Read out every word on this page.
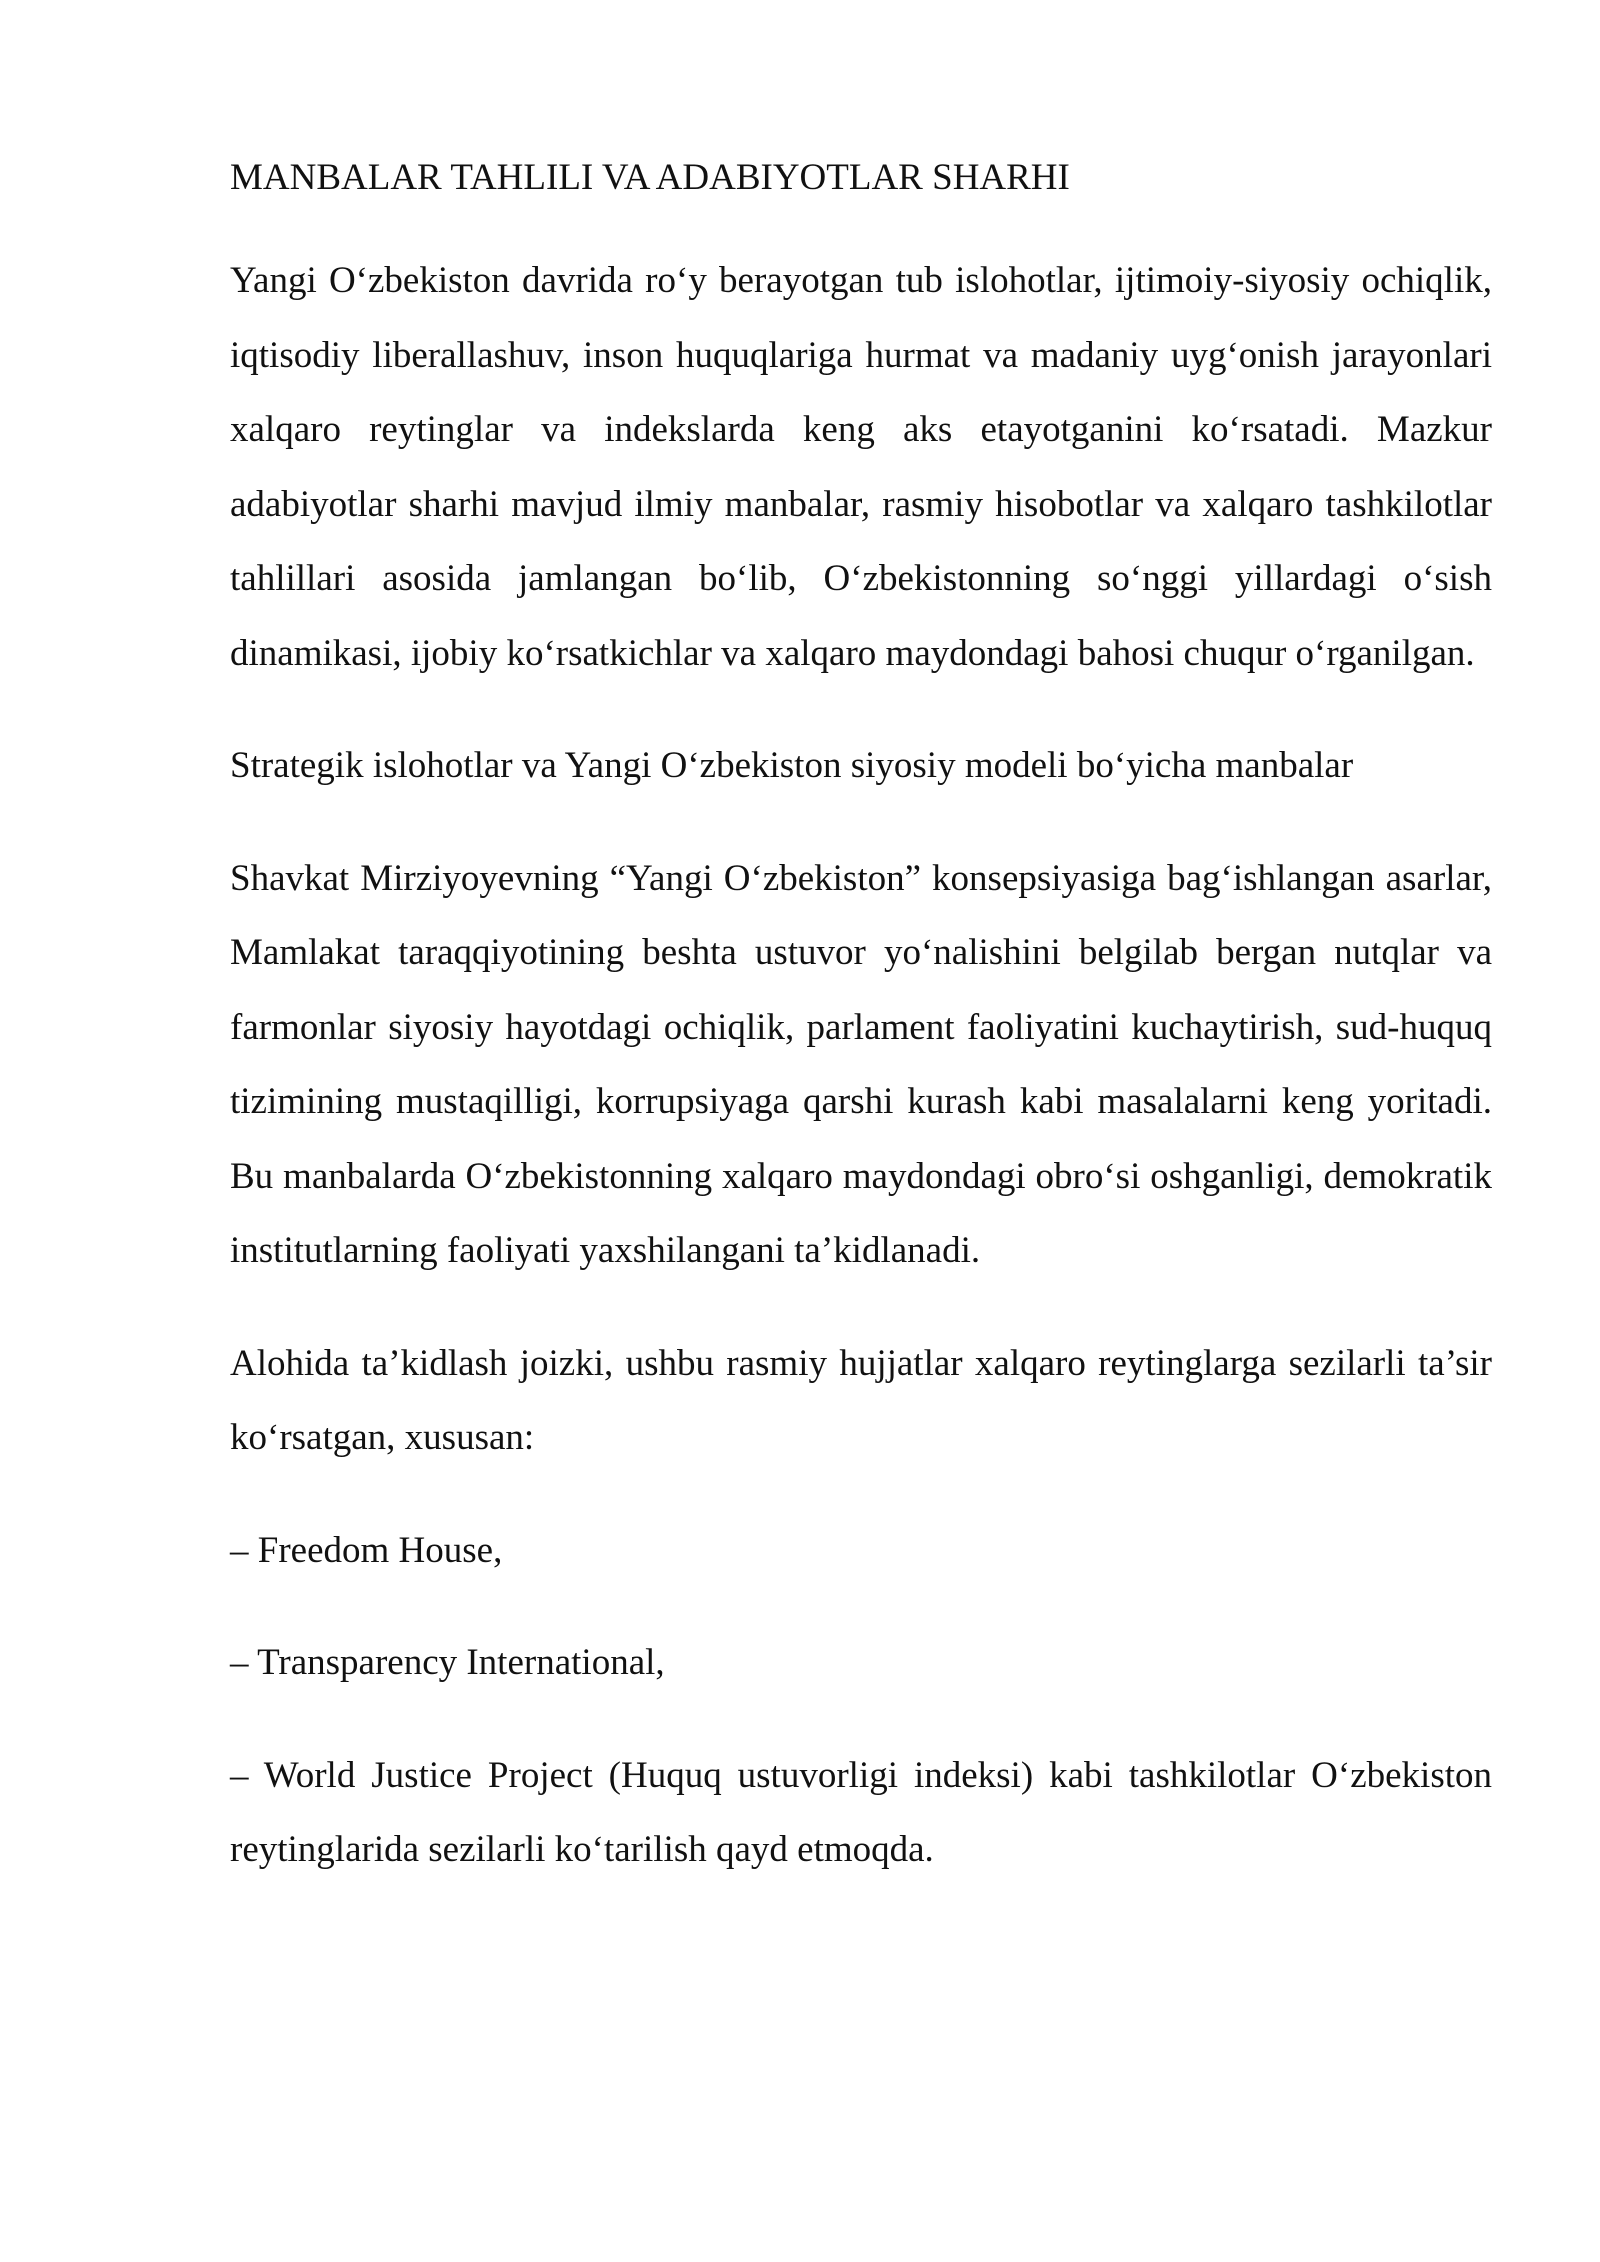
MANBALAR TAHLILI VA ADABIYOTLAR SHARHI

Yangi O‘zbekiston davrida ro‘y berayotgan tub islohotlar, ijtimoiy-siyosiy ochiqlik, iqtisodiy liberallashuv, inson huquqlariga hurmat va madaniy uyg‘onish jarayonlari xalqaro reytinglar va indekslarda keng aks etayotganini ko‘rsatadi. Mazkur adabiyotlar sharhi mavjud ilmiy manbalar, rasmiy hisobotlar va xalqaro tashkilotlar tahlillari asosida jamlangan bo‘lib, O‘zbekistonning so‘nggi yillardagi o‘sish dinamikasi, ijobiy ko‘rsatkichlar va xalqaro maydondagi bahosi chuqur o‘rganilgan.

Strategik islohotlar va Yangi O‘zbekiston siyosiy modeli bo‘yicha manbalar

Shavkat Mirziyoyevning “Yangi O‘zbekiston” konsepsiyasiga bag‘ishlangan asarlar, Mamlakat taraqqiyotining beshta ustuvor yo‘nalishini belgilab bergan nutqlar va farmonlar siyosiy hayotdagi ochiqlik, parlament faoliyatini kuchaytirish, sud-huquq tizimining mustaqilligi, korrupsiyaga qarshi kurash kabi masalalarni keng yoritadi. Bu manbalarda O‘zbekistonning xalqaro maydondagi obro‘si oshganligi, demokratik institutlarning faoliyati yaxshilangani ta’kidlanadi.

Alohida ta’kidlash joizki, ushbu rasmiy hujjatlar xalqaro reytinglarga sezilarli ta’sir ko‘rsatgan, xususan:

– Freedom House,

– Transparency International,

– World Justice Project (Huquq ustuvorligi indeksi) kabi tashkilotlar O‘zbekiston reytinglarida sezilarli ko‘tarilish qayd etmoqda.
